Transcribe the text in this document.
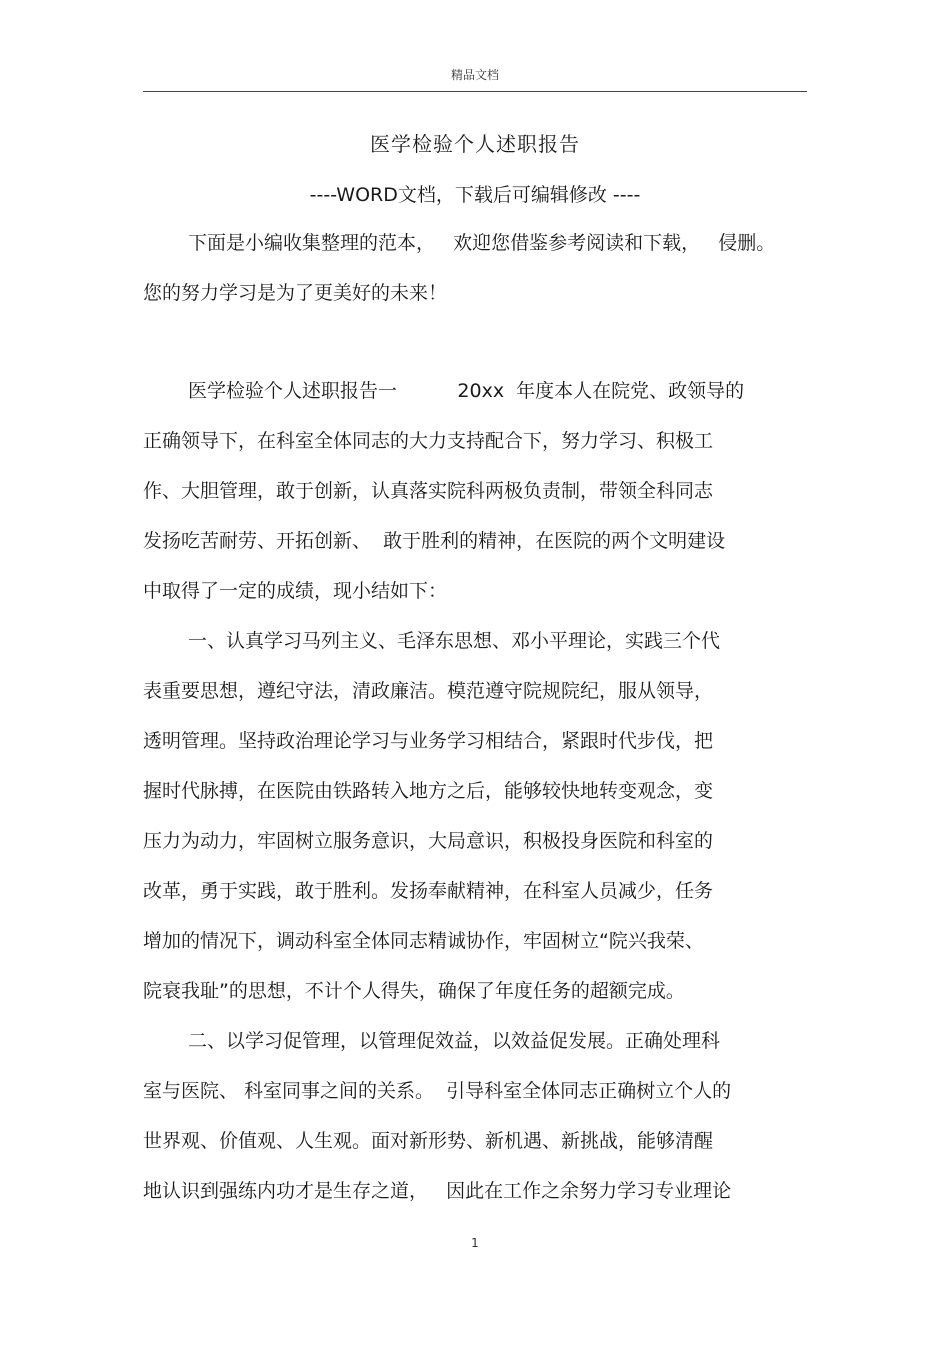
精品文档
医学检验个人述职报告
----WORD文档，下载后可编辑修改 ----
下面是小编收集整理的范本，   欢迎您借鉴参考阅读和下载，   侵删。
您的努力学习是为了更美好的未来！
医学检验个人述职报告一          20xx  年度本人在院党、政领导的
正确领导下，在科室全体同志的大力支持配合下，努力学习、积极工
作、大胆管理，敢于创新，认真落实院科两极负责制，带领全科同志
发扬吃苦耐劳、开拓创新、  敢于胜利的精神，在医院的两个文明建设
中取得了一定的成绩，现小结如下：
一、认真学习马列主义、毛泽东思想、邓小平理论，实践三个代
表重要思想，遵纪守法，清政廉洁。模范遵守院规院纪，服从领导，
透明管理。坚持政治理论学习与业务学习相结合，紧跟时代步伐，把
握时代脉搏，在医院由铁路转入地方之后，能够较快地转变观念，变
压力为动力，牢固树立服务意识，大局意识，积极投身医院和科室的
改革，勇于实践，敢于胜利。发扬奉献精神，在科室人员减少，任务
增加的情况下，调动科室全体同志精诚协作，牢固树立“院兴我荣、
院衰我耻”的思想，不计个人得失，确保了年度任务的超额完成。
二、以学习促管理，以管理促效益，以效益促发展。正确处理科
室与医院、 科室同事之间的关系。  引导科室全体同志正确树立个人的
世界观、价值观、人生观。面对新形势、新机遇、新挑战，能够清醒
地认识到强练内功才是生存之道，   因此在工作之余努力学习专业理论
1
